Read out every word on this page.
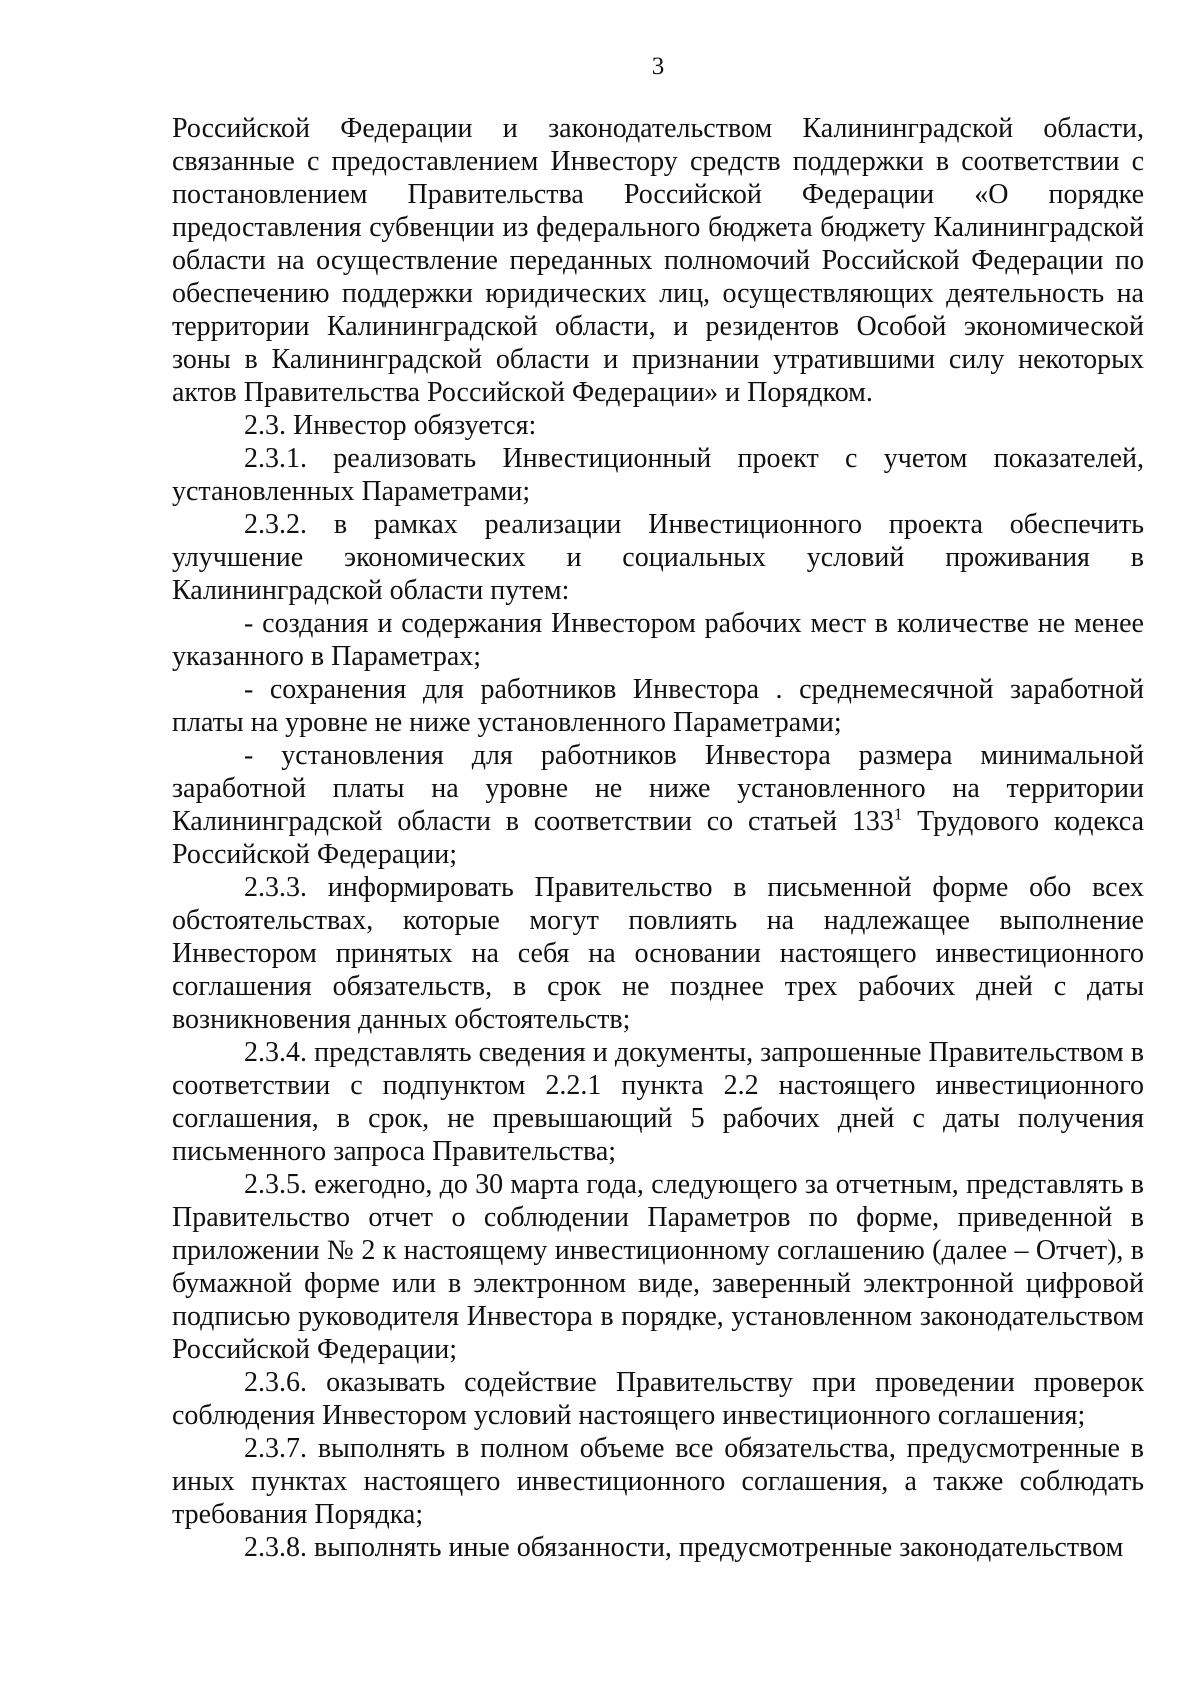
3

Российской Федерации и законодательством Калининградской области, связанные с предоставлением Инвестору средств поддержки в соответствии с постановлением Правительства Российской Федерации «О порядке предоставления субвенции из федерального бюджета бюджету Калининградской области на осуществление переданных полномочий Российской Федерации по обеспечению поддержки юридических лиц, осуществляющих деятельность на территории Калининградской области, и резидентов Особой экономической зоны в Калининградской области и признании утратившими силу некоторых актов Правительства Российской Федерации» и Порядком.

2.3. Инвестор обязуется:

2.3.1. реализовать Инвестиционный проект с учетом показателей, установленных Параметрами;

2.3.2. в рамках реализации Инвестиционного проекта обеспечить улучшение экономических и социальных условий проживания в Калининградской области путем:

- создания и содержания Инвестором рабочих мест в количестве не менее указанного в Параметрах;

- сохранения для работников Инвестора . среднемесячной заработной платы на уровне не ниже установленного Параметрами;

- установления для работников Инвестора размера минимальной заработной платы на уровне не ниже установленного на территории Калининградской области в соответствии со статьей $133^1$ Трудового кодекса Российской Федерации;

2.3.3. информировать Правительство в письменной форме обо всех обстоятельствах, которые могут повлиять на надлежащее выполнение Инвестором принятых на себя на основании настоящего инвестиционного соглашения обязательств, в срок не позднее трех рабочих дней с даты возникновения данных обстоятельств;

2.3.4. представлять сведения и документы, запрошенные Правительством в соответствии с подпунктом 2.2.1 пункта 2.2 настоящего инвестиционного соглашения, в срок, не превышающий 5 рабочих дней с даты получения письменного запроса Правительства;

2.3.5. ежегодно, до 30 марта года, следующего за отчетным, представлять в Правительство отчет о соблюдении Параметров по форме, приведенной в приложении № 2 к настоящему инвестиционному соглашению (далее – Отчет), в бумажной форме или в электронном виде, заверенный электронной цифровой подписью руководителя Инвестора в порядке, установленном законодательством Российской Федерации;

2.3.6. оказывать содействие Правительству при проведении проверок соблюдения Инвестором условий настоящего инвестиционного соглашения;

2.3.7. выполнять в полном объеме все обязательства, предусмотренные в иных пунктах настоящего инвестиционного соглашения, а также соблюдать требования Порядка;

2.3.8. выполнять иные обязанности, предусмотренные законодательством
